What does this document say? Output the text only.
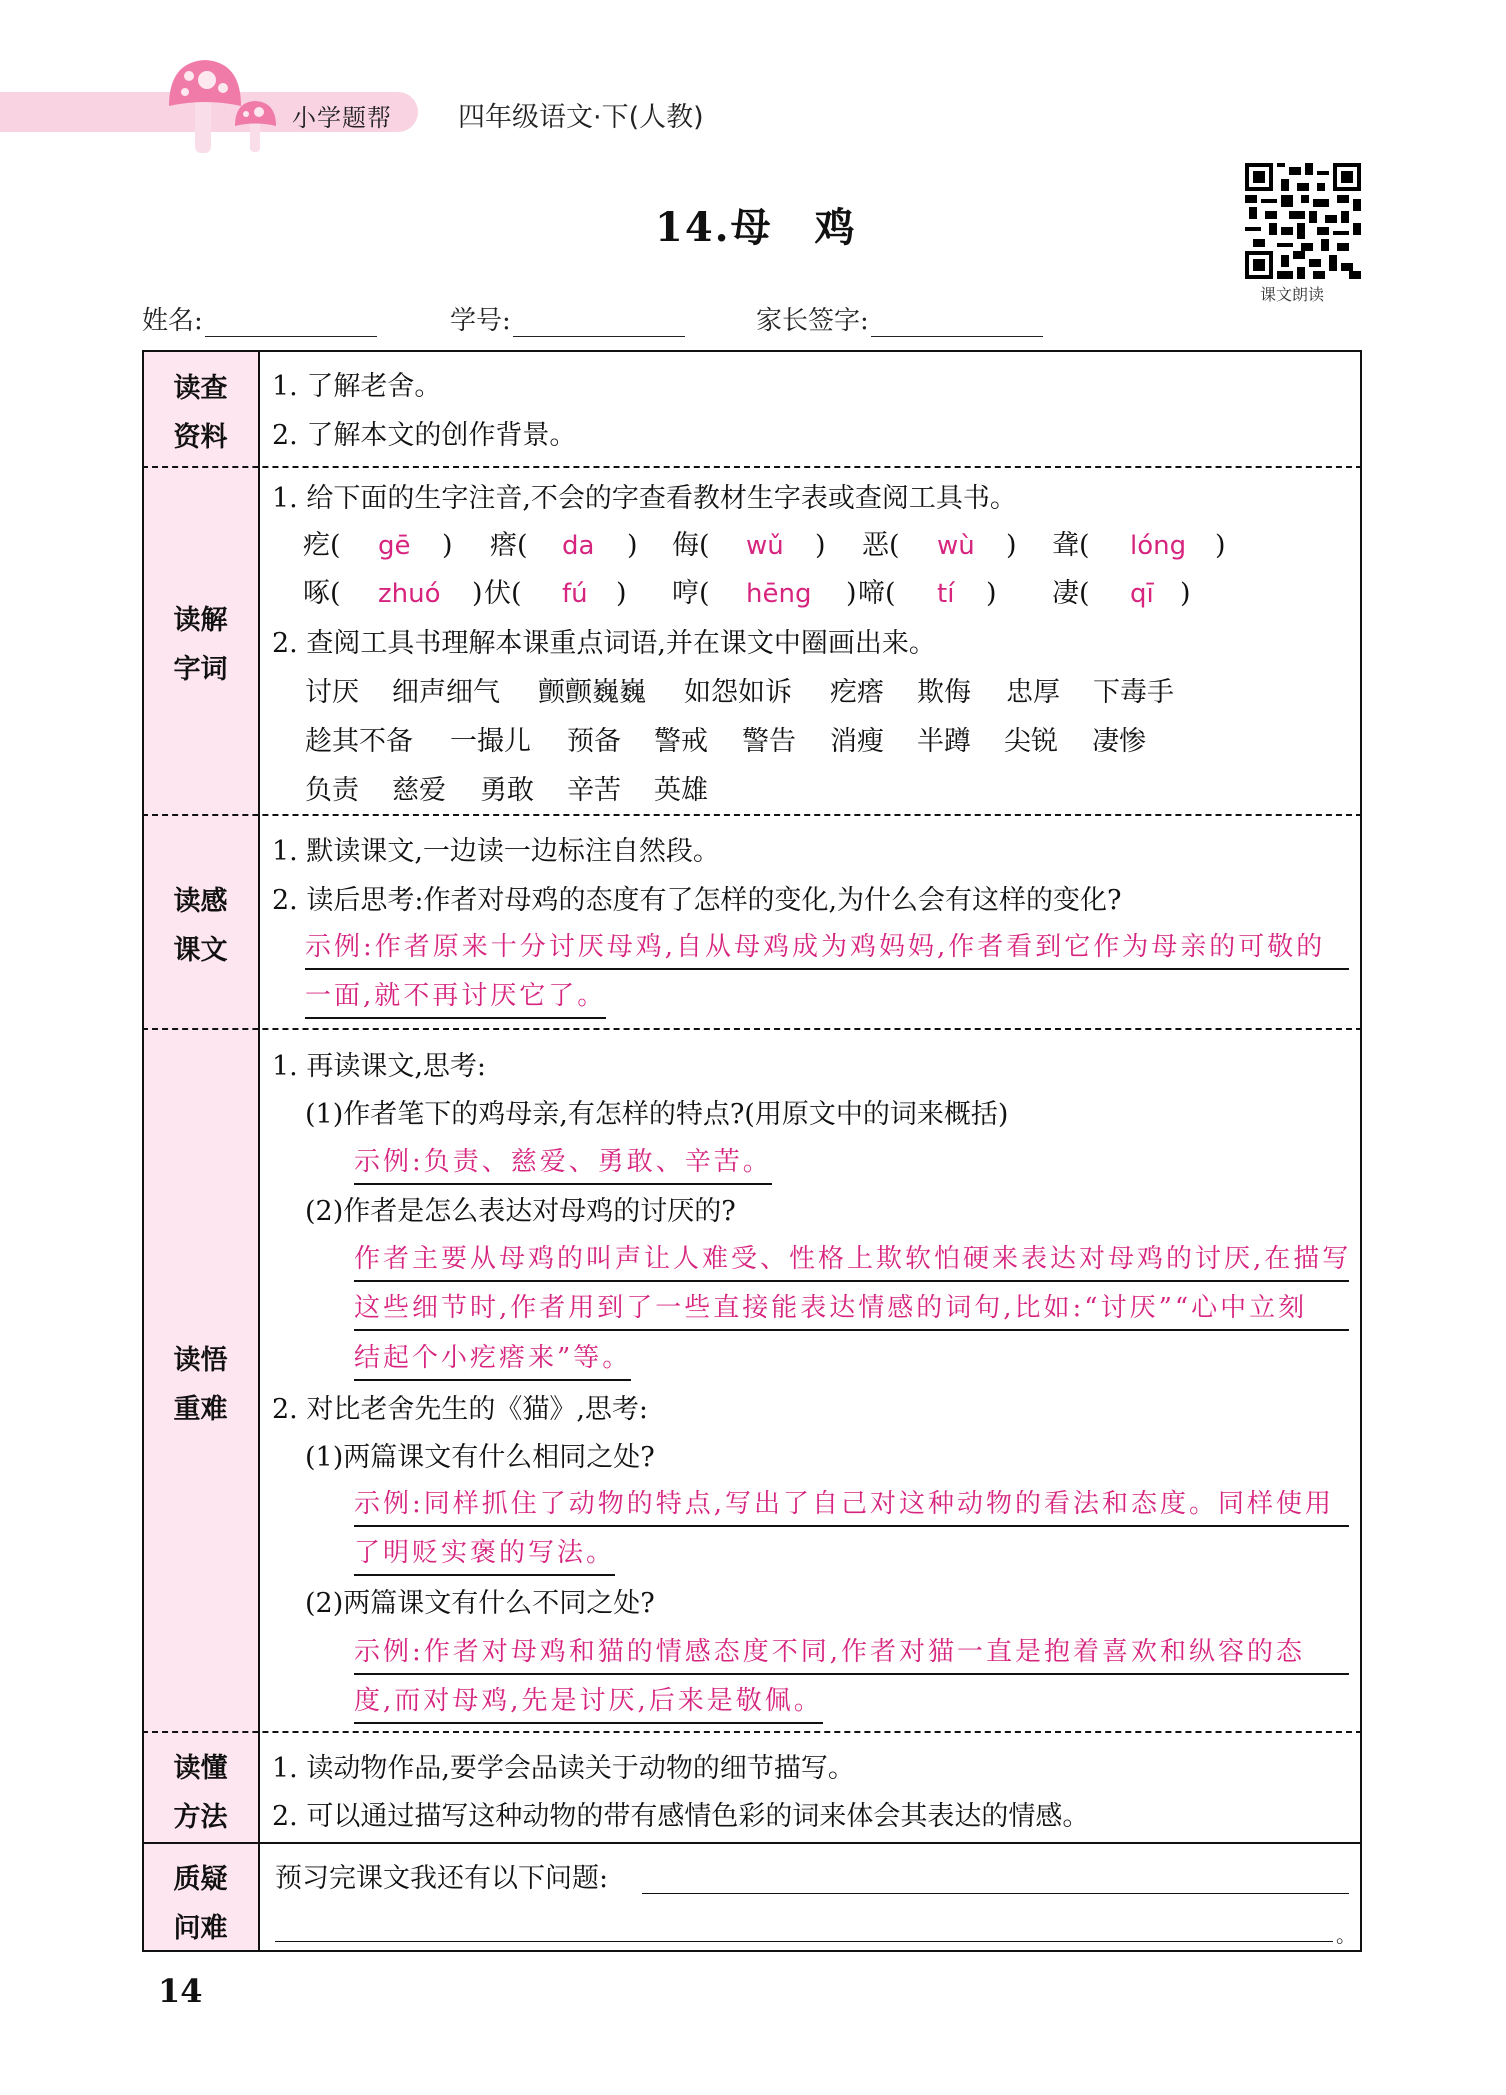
小学题帮 四年级语文·下(人教)
14.母　鸡
课文朗读
姓名:	学号:	家长签字:
读查
资料
1. 了解老舍。
2. 了解本文的创作背景。
读解
字词
1. 给下面的生字注音,不会的字查看教材生字表或查阅工具书。
疙 ( gē ) 瘩 ( da ) 侮 ( wǔ ) 恶 ( wù ) 聋 ( lóng )
啄 ( zhuó ) 伏 ( fú ) 哼 ( hēng ) 啼 ( tí ) 凄 ( qī )
2. 查阅工具书理解本课重点词语,并在课文中圈画出来。
讨厌 细声细气 颤颤巍巍 如怨如诉 疙瘩 欺侮 忠厚 下毒手
趁其不备 一撮儿 预备 警戒 警告 消瘦 半蹲 尖锐 凄惨
负责 慈爱 勇敢 辛苦 英雄
读感
课文
1. 默读课文,一边读一边标注自然段。
2. 读后思考:作者对母鸡的态度有了怎样的变化,为什么会有这样的变化?
示例:作者原来十分讨厌母鸡,自从母鸡成为鸡妈妈,作者看到它作为母亲的可敬的
一面,就不再讨厌它了。
读悟
重难
1. 再读课文,思考:
(1)作者笔下的鸡母亲,有怎样的特点?(用原文中的词来概括)
示例:负责、慈爱、勇敢、辛苦。
(2)作者是怎么表达对母鸡的讨厌的?
作者主要从母鸡的叫声让人难受、性格上欺软怕硬来表达对母鸡的讨厌,在描写
这些细节时,作者用到了一些直接能表达情感的词句,比如:“讨厌”“心中立刻
结起个小疙瘩来”等。
2. 对比老舍先生的《猫》,思考:
(1)两篇课文有什么相同之处?
示例:同样抓住了动物的特点,写出了自己对这种动物的看法和态度。同样使用
了明贬实褒的写法。
(2)两篇课文有什么不同之处?
示例:作者对母鸡和猫的情感态度不同,作者对猫一直是抱着喜欢和纵容的态
度,而对母鸡,先是讨厌,后来是敬佩。
读懂
方法
1. 读动物作品,要学会品读关于动物的细节描写。
2. 可以通过描写这种动物的带有感情色彩的词来体会其表达的情感。
质疑
问难
预习完课文我还有以下问题:
。
14
